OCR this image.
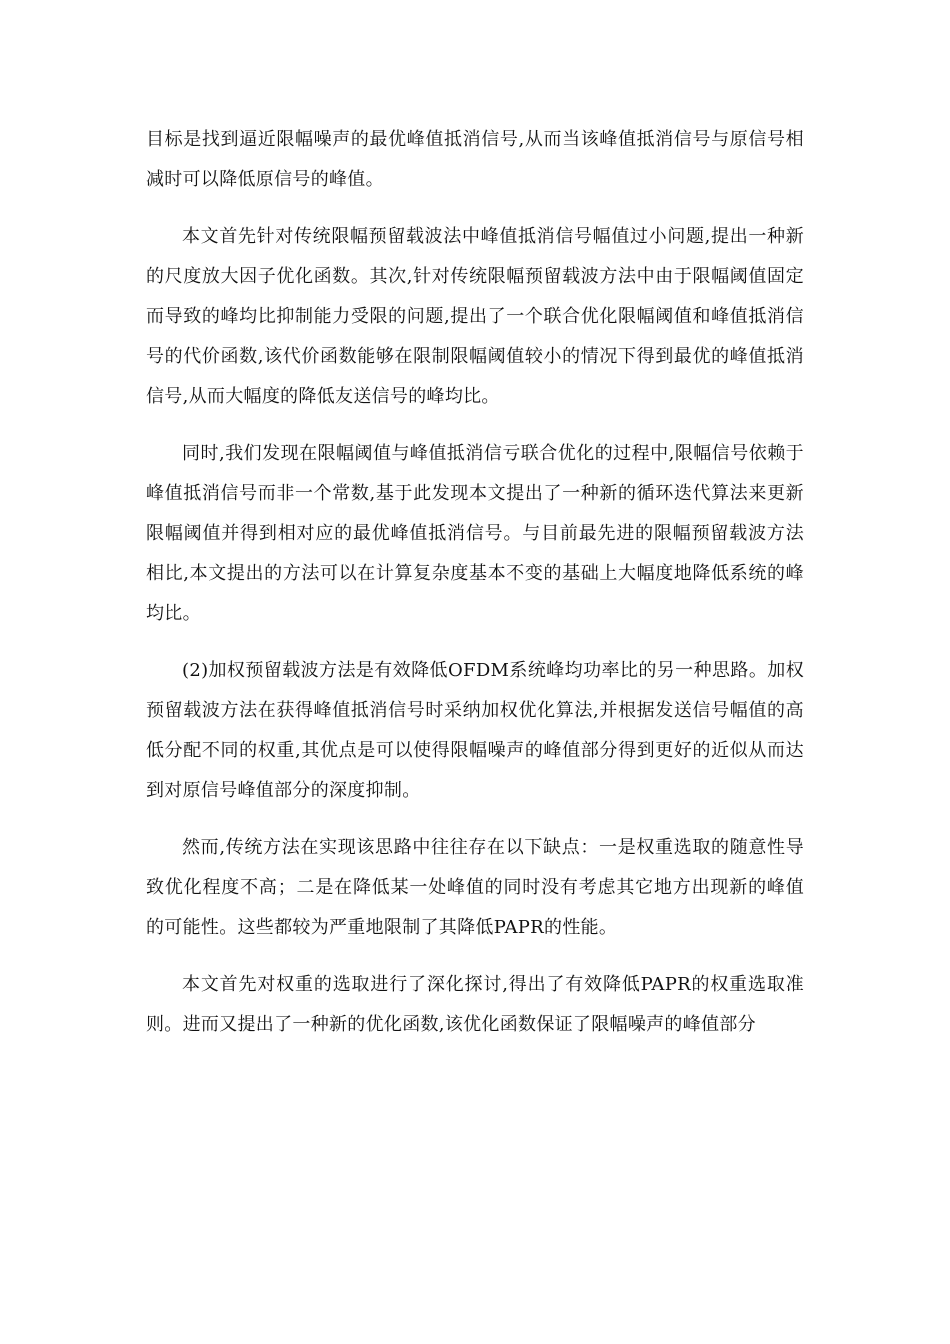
目标是找到逼近限幅噪声的最优峰值抵消信号,从而当该峰值抵消信号与原信号相减时可以降低原信号的峰值。

本文首先针对传统限幅预留载波法中峰值抵消信号幅值过小问题,提出一种新的尺度放大因子优化函数。其次,针对传统限幅预留载波方法中由于限幅阈值固定而导致的峰均比抑制能力受限的问题,提出了一个联合优化限幅阈值和峰值抵消信号的代价函数,该代价函数能够在限制限幅阈值较小的情况下得到最优的峰值抵消信号,从而大幅度的降低友送信号的峰均比。

同时,我们发现在限幅阈值与峰值抵消信亏联合优化的过程中,限幅信号依赖于峰值抵消信号而非一个常数,基于此发现本文提出了一种新的循环迭代算法来更新限幅阈值并得到相对应的最优峰值抵消信号。与目前最先进的限幅预留载波方法相比,本文提出的方法可以在计算复杂度基本不变的基础上大幅度地降低系统的峰均比。

(2)加权预留载波方法是有效降低OFDM系统峰均功率比的另一种思路。加权预留载波方法在获得峰值抵消信号时采纳加权优化算法,并根据发送信号幅值的高低分配不同的权重,其优点是可以使得限幅噪声的峰值部分得到更好的近似从而达到对原信号峰值部分的深度抑制。

然而,传统方法在实现该思路中往往存在以下缺点：一是权重选取的随意性导致优化程度不高；二是在降低某一处峰值的同时没有考虑其它地方出现新的峰值的可能性。这些都较为严重地限制了其降低PAPR的性能。

本文首先对权重的选取进行了深化探讨,得出了有效降低PAPR的权重选取准则。进而又提出了一种新的优化函数,该优化函数保证了限幅噪声的峰值部分
